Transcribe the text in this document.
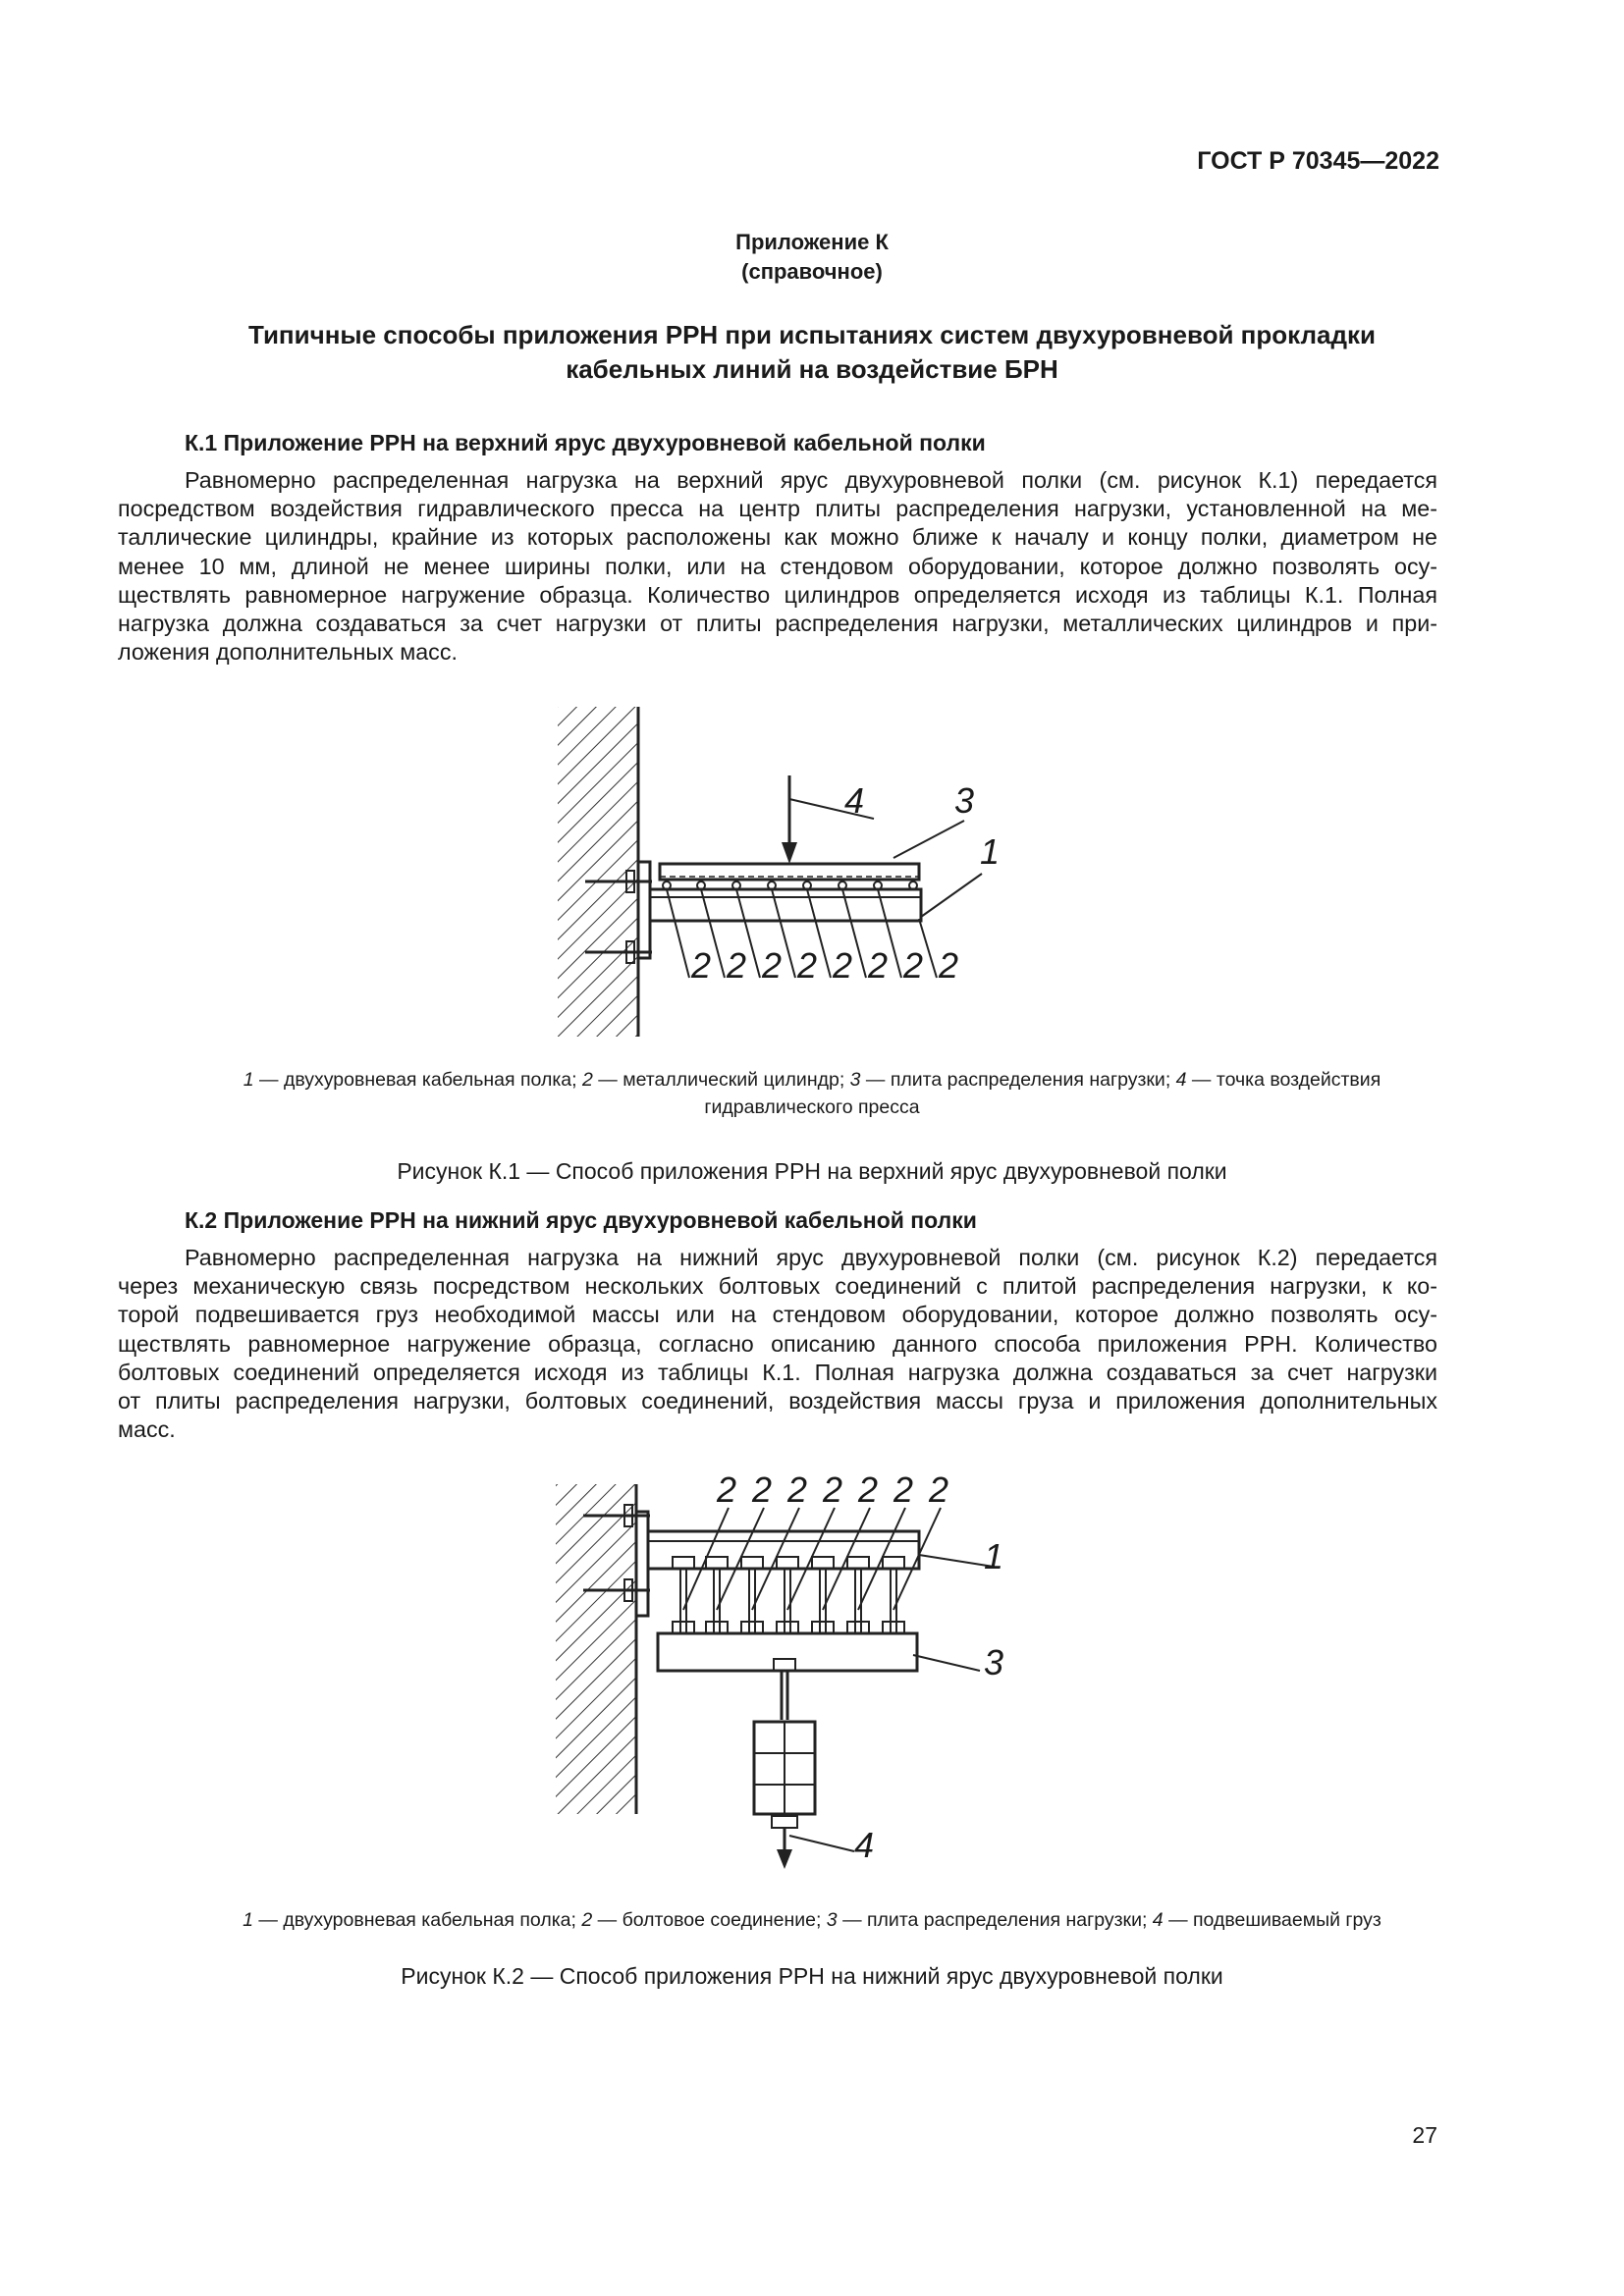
ГОСТ Р 70345—2022
Приложение К
(справочное)
Типичные способы приложения РРН при испытаниях систем двухуровневой прокладки
кабельных линий на воздействие БРН
К.1 Приложение РРН на верхний ярус двухуровневой кабельной полки

Равномерно распределенная нагрузка на верхний ярус двухуровневой полки (см. рисунок К.1) передается
посредством воздействия гидравлического пресса на центр плиты распределения нагрузки, установленной на ме-
таллические цилиндры, крайние из которых расположены как можно ближе к началу и концу полки, диаметром не
менее 10 мм, длиной не менее ширины полки, или на стендовом оборудовании, которое должно позволять осу-
ществлять равномерное нагружение образца. Количество цилиндров определяется исходя из таблицы К.1. Полная
нагрузка должна создаваться за счет нагрузки от плиты распределения нагрузки, металлических цилиндров и при-
ложения дополнительных масс.

4	3
1
2 2 2 2 2 2 2 2
1
3
4
2 2 2 2 2 2 2
1 — двухуровневая кабельная полка; 2 — металлический цилиндр; 3 — плита распределения нагрузки; 4 — точка воздействия
гидравлического пресса
Рисунок К.1 — Способ приложения РРН на верхний ярус двухуровневой полки
К.2 Приложение РРН на нижний ярус двухуровневой кабельной полки

Равномерно распределенная нагрузка на нижний ярус двухуровневой полки (см. рисунок К.2) передается
через механическую связь посредством нескольких болтовых соединений с плитой распределения нагрузки, к ко-
торой подвешивается груз необходимой массы или на стендовом оборудовании, которое должно позволять осу-
ществлять равномерное нагружение образца, согласно описанию данного способа приложения РРН. Количество
болтовых соединений определяется исходя из таблицы К.1. Полная нагрузка должна создаваться за счет нагрузки
от плиты распределения нагрузки, болтовых соединений, воздействия массы груза и приложения дополнительных
масс.

1 — двухуровневая кабельная полка; 2 — болтовое соединение; 3 — плита распределения нагрузки; 4 — подвешиваемый груз
Рисунок К.2 — Способ приложения РРН на нижний ярус двухуровневой полки
27
